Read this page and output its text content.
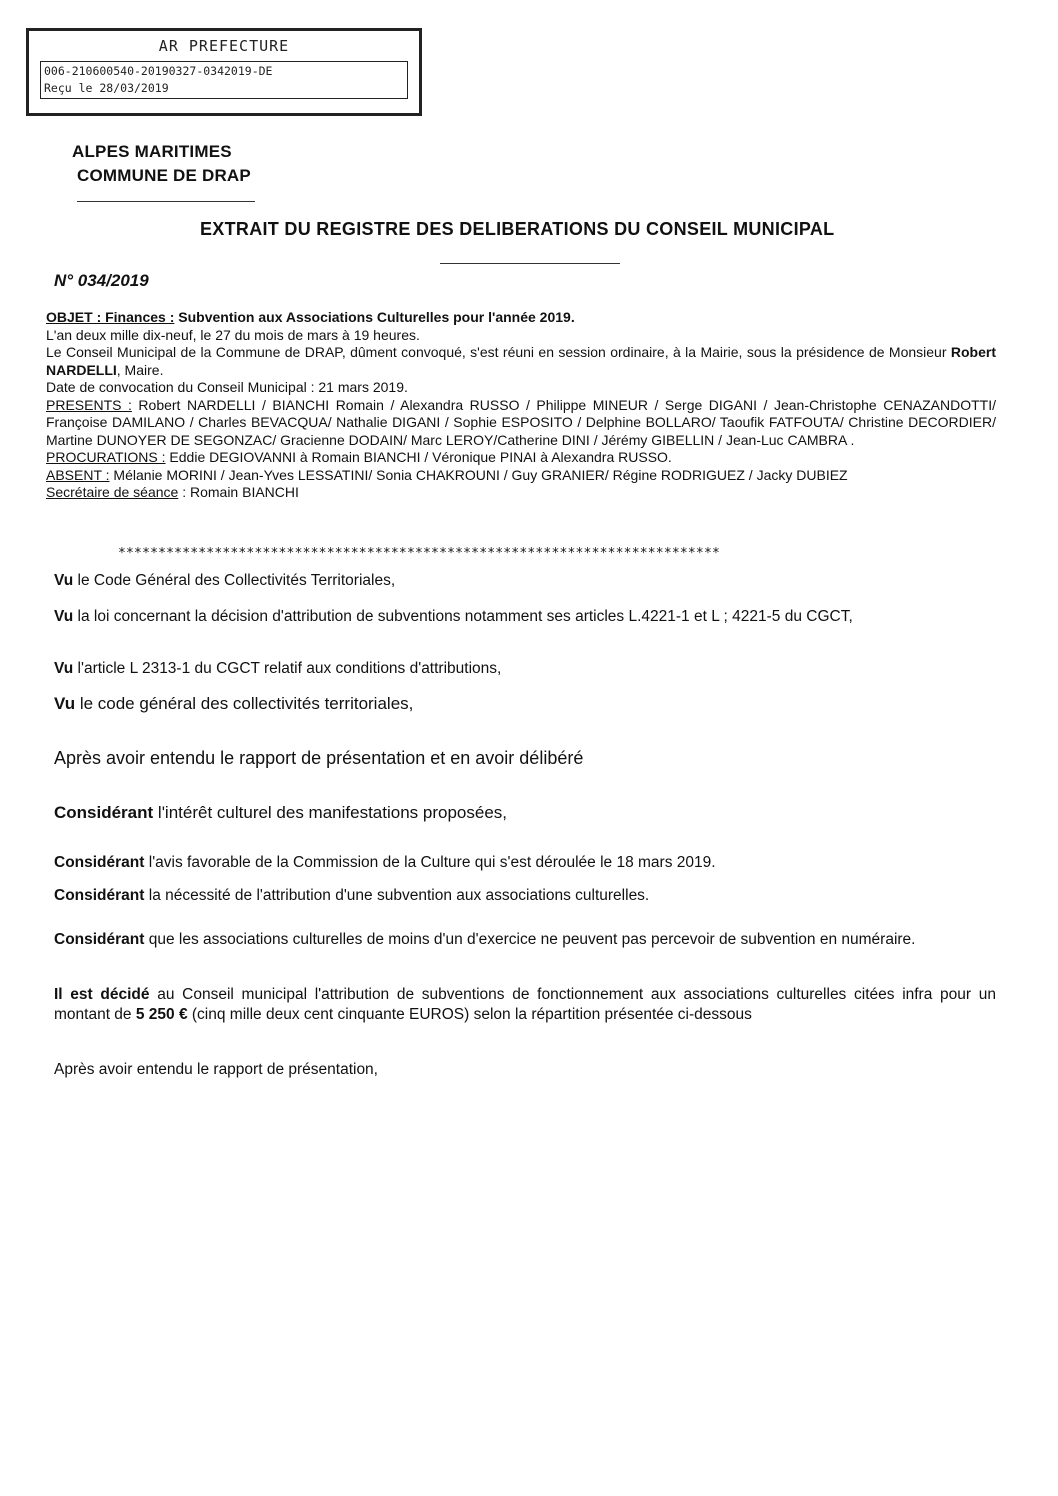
AR PREFECTURE
006-210600540-20190327-0342019-DE
Reçu le 28/03/2019
ALPES MARITIMES
COMMUNE DE DRAP
EXTRAIT DU REGISTRE DES DELIBERATIONS DU CONSEIL MUNICIPAL
N° 034/2019
OBJET : Finances : Subvention aux Associations Culturelles pour l'année 2019.
L'an deux mille dix-neuf, le 27 du mois de mars à 19 heures.
Le Conseil Municipal de la Commune de DRAP, dûment convoqué, s'est réuni en session ordinaire, à la Mairie, sous la présidence de Monsieur Robert NARDELLI, Maire.
Date de convocation du Conseil Municipal : 21 mars 2019.
PRESENTS : Robert NARDELLI / BIANCHI Romain / Alexandra RUSSO / Philippe MINEUR / Serge DIGANI / Jean-Christophe CENAZANDOTTI/ Françoise DAMILANO / Charles BEVACQUA/ Nathalie DIGANI / Sophie ESPOSITO / Delphine BOLLARO/ Taoufik FATFOUTA/ Christine DECORDIER/ Martine DUNOYER DE SEGONZAC/ Gracienne DODAIN/ Marc LEROY/Catherine DINI / Jérémy GIBELLIN / Jean-Luc CAMBRA .
PROCURATIONS : Eddie DEGIOVANNI à Romain BIANCHI / Véronique PINAI à Alexandra RUSSO.
ABSENT : Mélanie MORINI / Jean-Yves LESSATINI/ Sonia CHAKROUNI / Guy GRANIER/ Régine RODRIGUEZ / Jacky DUBIEZ
Secrétaire de séance : Romain BIANCHI
***************************************************************************
Vu le Code Général des Collectivités Territoriales,
Vu la loi concernant la décision d'attribution de subventions notamment ses articles L.4221-1 et L ; 4221-5 du CGCT,
Vu l'article L 2313-1 du CGCT relatif aux conditions d'attributions,
Vu le code général des collectivités territoriales,
Après avoir entendu le rapport de présentation et en avoir délibéré
Considérant l'intérêt culturel des manifestations proposées,
Considérant l'avis favorable de la Commission de la Culture qui s'est déroulée le 18 mars 2019.
Considérant la nécessité de l'attribution d'une subvention aux associations culturelles.
Considérant que les associations culturelles de moins d'un d'exercice ne peuvent pas percevoir de subvention en numéraire.
Il est décidé au Conseil municipal l'attribution de subventions de fonctionnement aux associations culturelles citées infra pour un montant de 5 250 € (cinq mille deux cent cinquante EUROS) selon la répartition présentée ci-dessous
Après avoir entendu le rapport de présentation,
